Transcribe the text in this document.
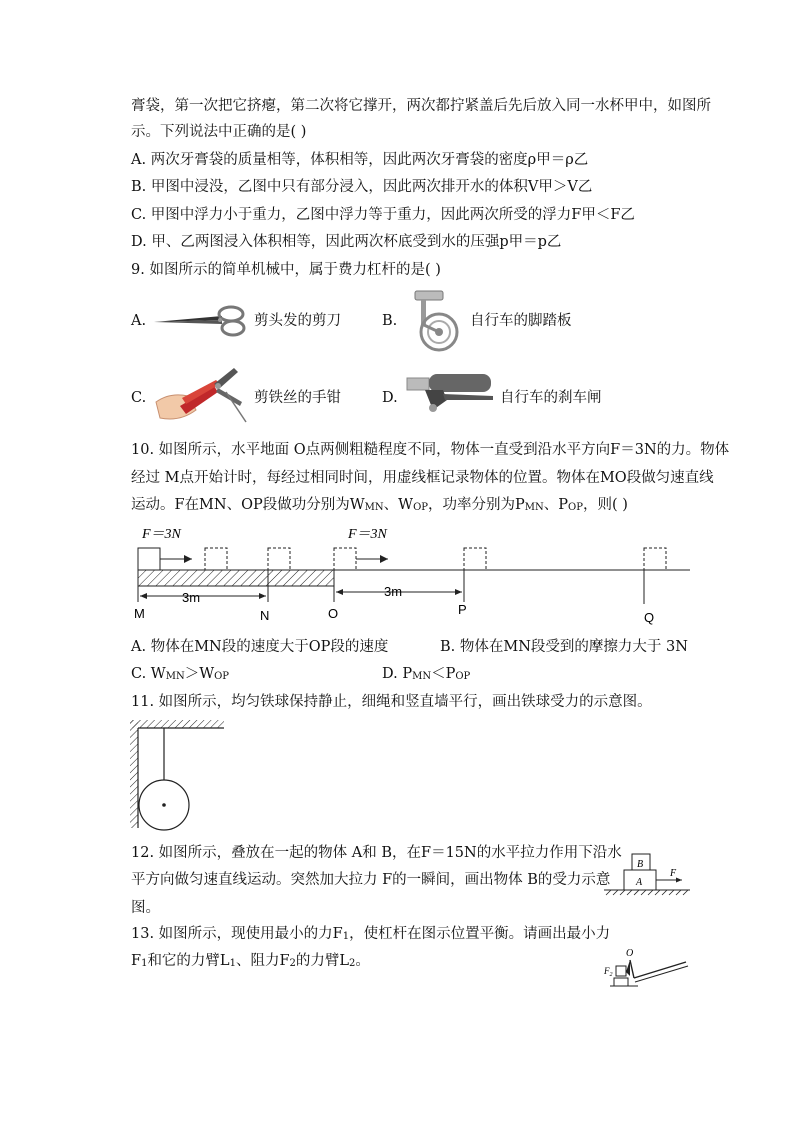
膏袋，第一次把它挤瘪，第二次将它撑开，两次都拧紧盖后先后放入同一水杯甲中，如图所
示。下列说法中正确的是( )
A. 两次牙膏袋的质量相等，体积相等，因此两次牙膏袋的密度ρ甲＝ρ乙
B. 甲图中浸没，乙图中只有部分浸入，因此两次排开水的体积V甲＞V乙
C. 甲图中浮力小于重力，乙图中浮力等于重力，因此两次所受的浮力F甲＜F乙
D. 甲、乙两图浸入体积相等，因此两次杯底受到水的压强p甲＝p乙
9. 如图所示的简单机械中，属于费力杠杆的是( )
A.	剪头发的剪刀	B.	自行车的脚踏板
C.	剪铁丝的手钳	D.	自行车的刹车闸
10. 如图所示，水平地面 O点两侧粗糙程度不同，物体一直受到沿水平方向F＝3N的力。物体
经过 M点开始计时，每经过相同时间，用虚线框记录物体的位置。物体在MO段做匀速直线
运动。F在MN、OP段做功分别为WMN、WOP，功率分别为PMN、POP，则( )
F＝3N	F＝3N
3m	3m
M	N	O	P
Q
A. 物体在MN段的速度大于OP段的速度	B. 物体在MN段受到的摩擦力大于 3N
C. WMN＞WOP	D. PMN＜POP
11. 如图所示，均匀铁球保持静止，细绳和竖直墙平行，画出铁球受力的示意图。
12. 如图所示，叠放在一起的物体 A和 B，在F＝15N的水平拉力作用下沿水
平方向做匀速直线运动。突然加大拉力 F的一瞬间，画出物体 B的受力示意
图。
B
A
F
13. 如图所示，现使用最小的力F1，使杠杆在图示位置平衡。请画出最小力
F1和它的力臂L1、阻力F2的力臂L2。	O
$F_2$
